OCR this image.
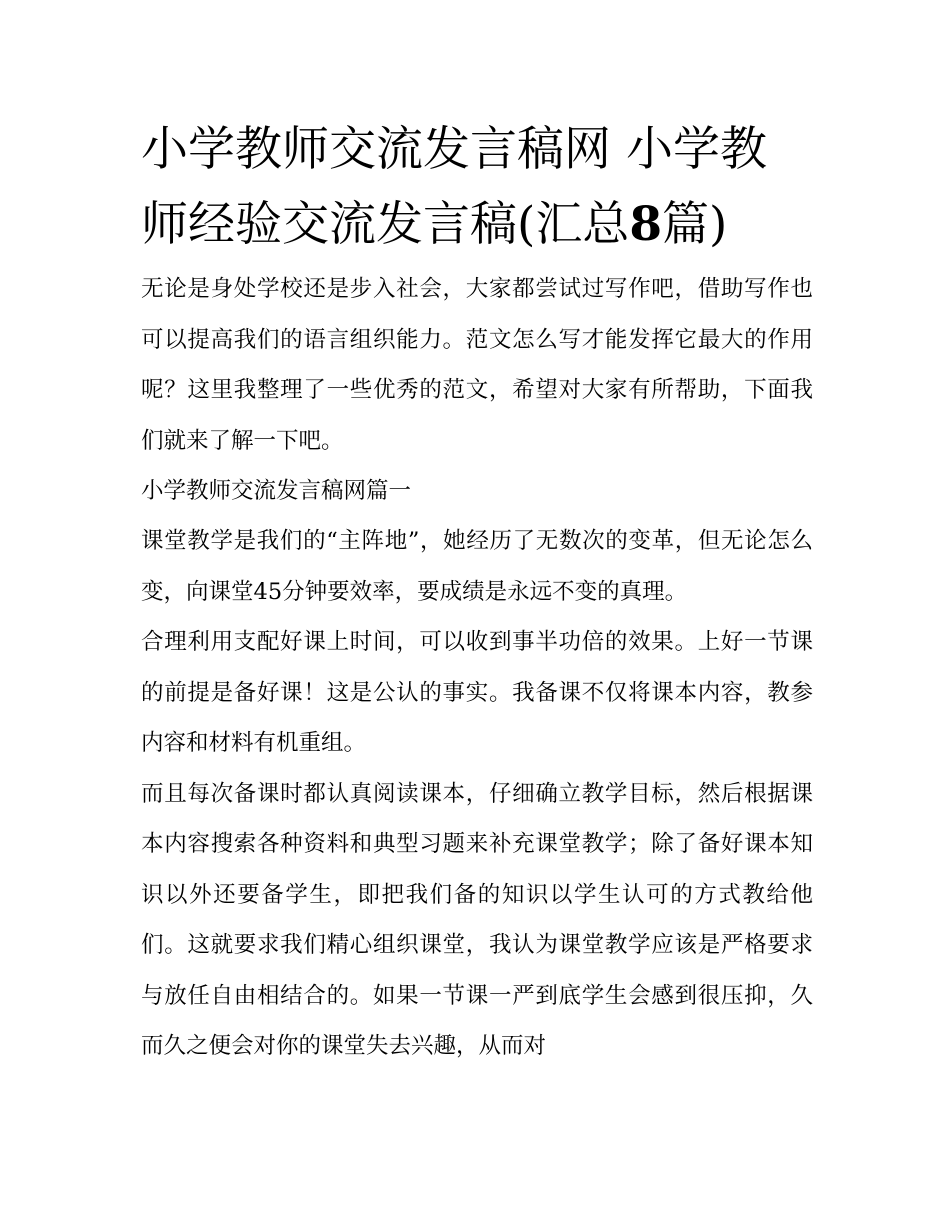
小学教师交流发言稿网 小学教师经验交流发言稿(汇总8篇)

无论是身处学校还是步入社会，大家都尝试过写作吧，借助写作也可以提高我们的语言组织能力。范文怎么写才能发挥它最大的作用呢？这里我整理了一些优秀的范文，希望对大家有所帮助，下面我们就来了解一下吧。

小学教师交流发言稿网篇一

课堂教学是我们的“主阵地”，她经历了无数次的变革，但无论怎么变，向课堂45分钟要效率，要成绩是永远不变的真理。

合理利用支配好课上时间，可以收到事半功倍的效果。上好一节课的前提是备好课！这是公认的事实。我备课不仅将课本内容，教参内容和材料有机重组。

而且每次备课时都认真阅读课本，仔细确立教学目标，然后根据课本内容搜索各种资料和典型习题来补充课堂教学；除了备好课本知识以外还要备学生，即把我们备的知识以学生认可的方式教给他们。这就要求我们精心组织课堂，我认为课堂教学应该是严格要求与放任自由相结合的。如果一节课一严到底学生会感到很压抑，久而久之便会对你的课堂失去兴趣，从而对
